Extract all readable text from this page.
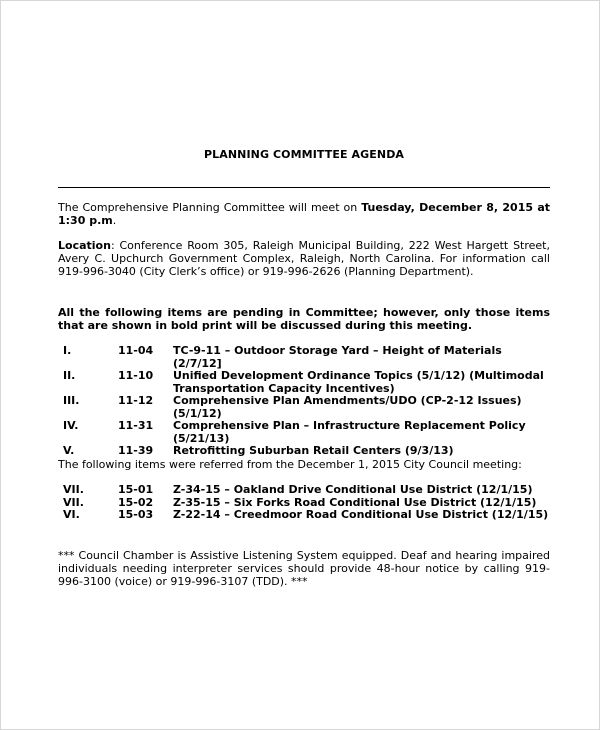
PLANNING COMMITTEE AGENDA

The Comprehensive Planning Committee will meet on Tuesday, December 8, 2015 at 1:30 p.m.

Location: Conference Room 305, Raleigh Municipal Building, 222 West Hargett Street, Avery C. Upchurch Government Complex, Raleigh, North Carolina. For information call 919-996-3040 (City Clerk’s office) or 919-996-2626 (Planning Department).

All the following items are pending in Committee; however, only those items that are shown in bold print will be discussed during this meeting.

I.	11-04	TC-9-11 – Outdoor Storage Yard – Height of Materials (2/7/12]
II.	11-10	Unified Development Ordinance Topics (5/1/12) (Multimodal Transportation Capacity Incentives)
III.	11-12	Comprehensive Plan Amendments/UDO (CP-2-12 Issues) (5/1/12)
IV.	11-31	Comprehensive Plan – Infrastructure Replacement Policy (5/21/13)
V.	11-39	Retrofitting Suburban Retail Centers (9/3/13)

The following items were referred from the December 1, 2015 City Council meeting:

VII.	15-01	Z-34-15 – Oakland Drive Conditional Use District (12/1/15)
VII.	15-02	Z-35-15 – Six Forks Road Conditional Use District (12/1/15)
VI.	15-03	Z-22-14 – Creedmoor Road Conditional Use District (12/1/15)

*** Council Chamber is Assistive Listening System equipped. Deaf and hearing impaired individuals needing interpreter services should provide 48-hour notice by calling 919-996-3100 (voice) or 919-996-3107 (TDD). ***
